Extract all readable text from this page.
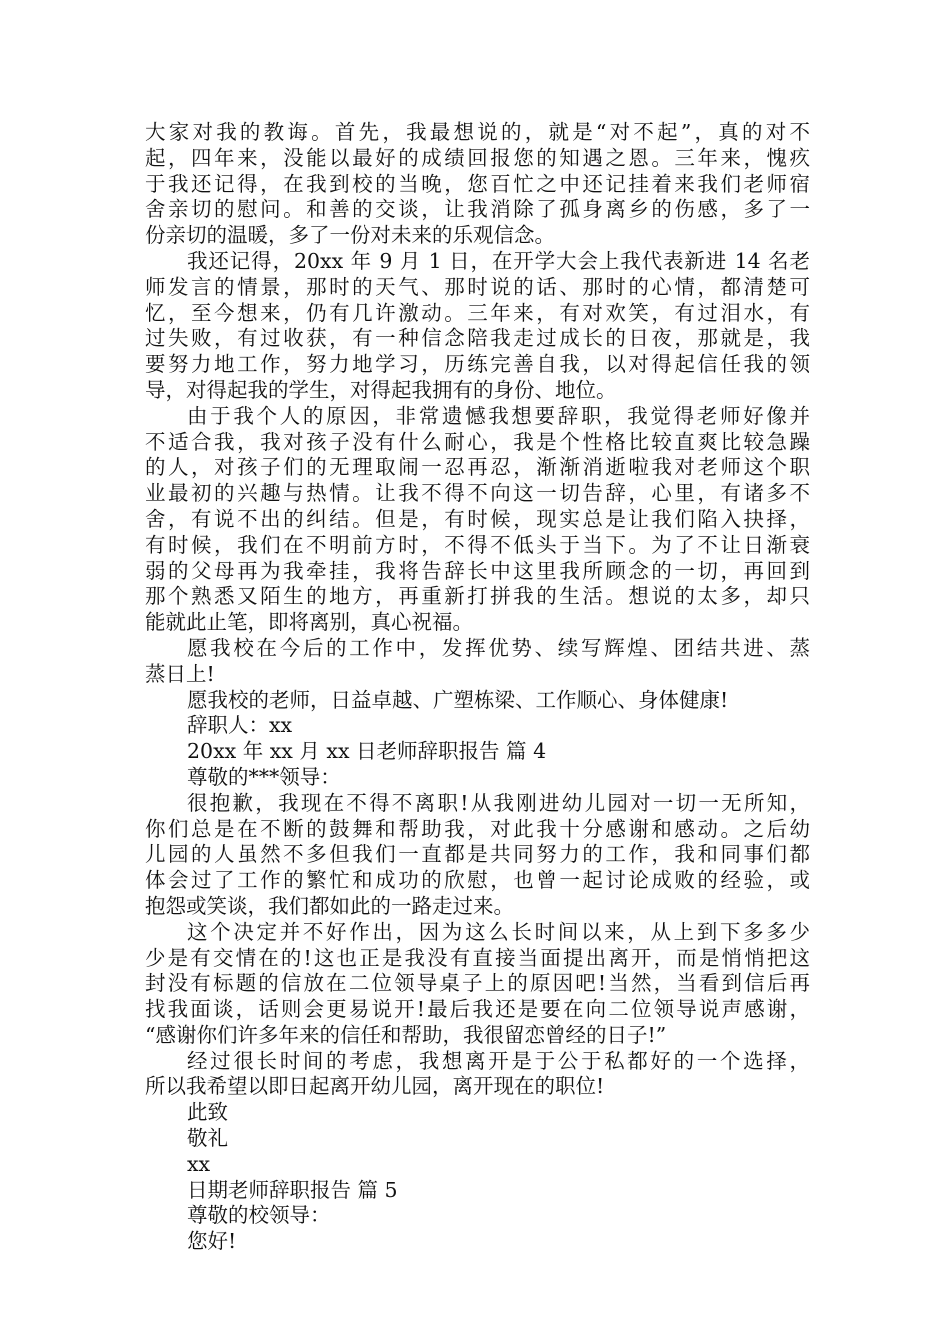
大家对我的教诲。首先，我最想说的，就是“对不起”，真的对不
起，四年来，没能以最好的成绩回报您的知遇之恩。三年来，愧疚
于我还记得，在我到校的当晚，您百忙之中还记挂着来我们老师宿
舍亲切的慰问。和善的交谈，让我消除了孤身离乡的伤感，多了一
份亲切的温暖，多了一份对未来的乐观信念。
我还记得，20xx 年 9 月 1 日，在开学大会上我代表新进 14 名老
师发言的情景，那时的天气、那时说的话、那时的心情，都清楚可
忆，至今想来，仍有几许激动。三年来，有对欢笑，有过泪水，有
过失败，有过收获，有一种信念陪我走过成长的日夜，那就是，我
要努力地工作，努力地学习，历练完善自我，以对得起信任我的领
导，对得起我的学生，对得起我拥有的身份、地位。
由于我个人的原因，非常遗憾我想要辞职，我觉得老师好像并
不适合我，我对孩子没有什么耐心，我是个性格比较直爽比较急躁
的人，对孩子们的无理取闹一忍再忍，渐渐消逝啦我对老师这个职
业最初的兴趣与热情。让我不得不向这一切告辞，心里，有诸多不
舍，有说不出的纠结。但是，有时候，现实总是让我们陷入抉择，
有时候，我们在不明前方时，不得不低头于当下。为了不让日渐衰
弱的父母再为我牵挂，我将告辞长中这里我所顾念的一切，再回到
那个熟悉又陌生的地方，再重新打拼我的生活。想说的太多，却只
能就此止笔，即将离别，真心祝福。
愿我校在今后的工作中，发挥优势、续写辉煌、团结共进、蒸
蒸日上!
愿我校的老师，日益卓越、广塑栋梁、工作顺心、身体健康!
辞职人：xx
20xx 年 xx 月 xx 日老师辞职报告 篇 4
尊敬的***领导：
很抱歉，我现在不得不离职!从我刚进幼儿园对一切一无所知，
你们总是在不断的鼓舞和帮助我，对此我十分感谢和感动。之后幼
儿园的人虽然不多但我们一直都是共同努力的工作，我和同事们都
体会过了工作的繁忙和成功的欣慰，也曾一起讨论成败的经验，或
抱怨或笑谈，我们都如此的一路走过来。
这个决定并不好作出，因为这么长时间以来，从上到下多多少
少是有交情在的!这也正是我没有直接当面提出离开，而是悄悄把这
封没有标题的信放在二位领导桌子上的原因吧!当然，当看到信后再
找我面谈，话则会更易说开!最后我还是要在向二位领导说声感谢，
“感谢你们许多年来的信任和帮助，我很留恋曾经的日子!”
经过很长时间的考虑，我想离开是于公于私都好的一个选择，
所以我希望以即日起离开幼儿园，离开现在的职位!
此致
敬礼
xx
日期老师辞职报告 篇 5
尊敬的校领导：
您好!
